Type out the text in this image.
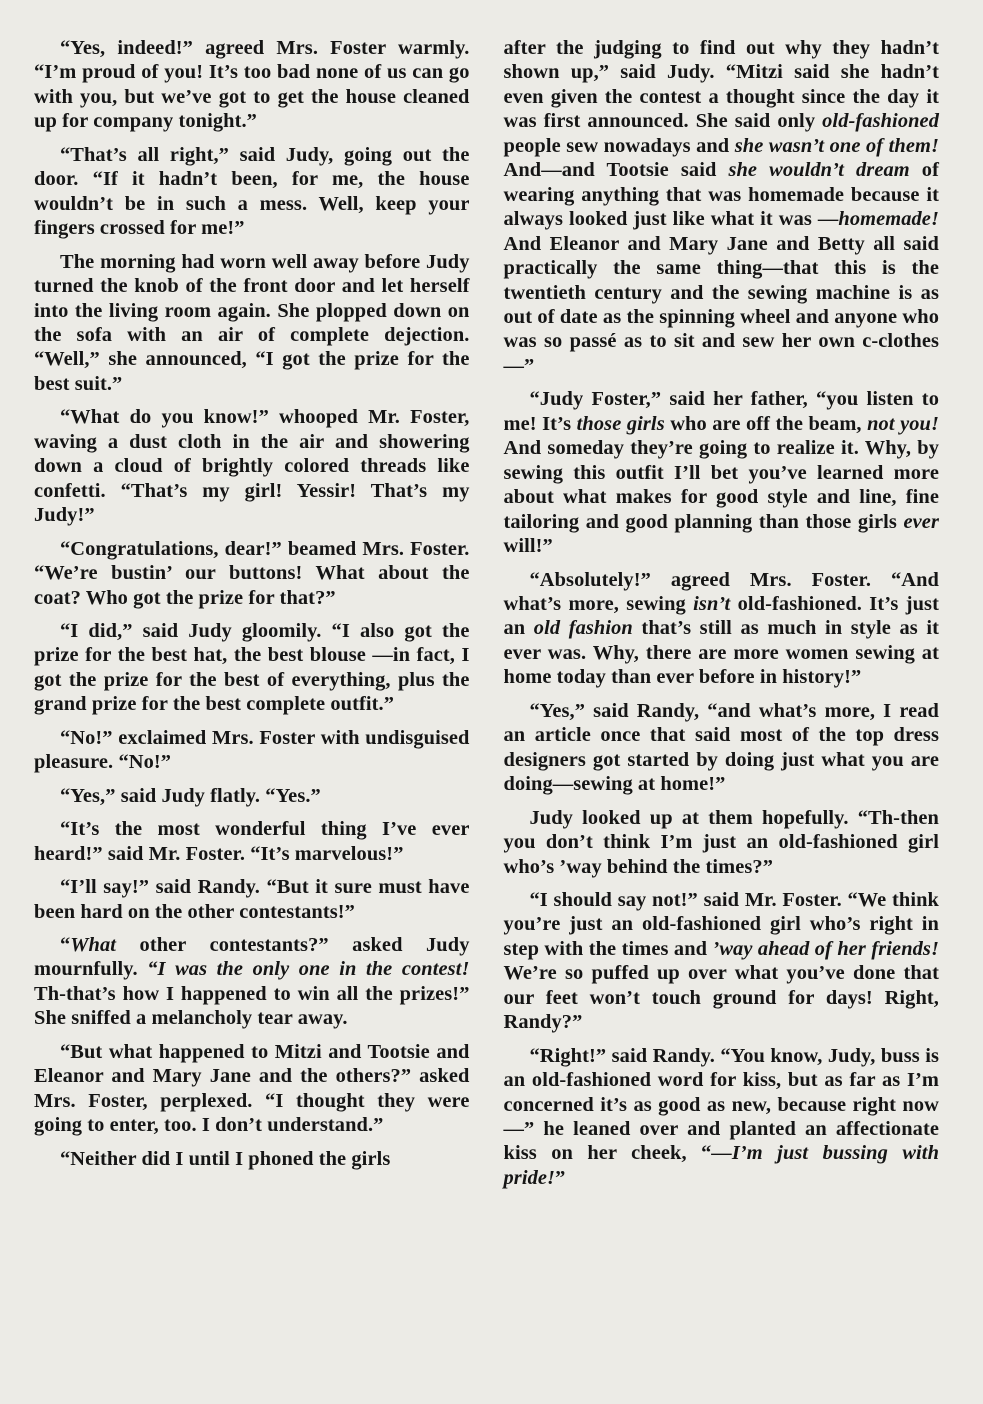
“Yes, indeed!” agreed Mrs. Foster warmly. “I’m proud of you! It’s too bad none of us can go with you, but we’ve got to get the house cleaned up for company tonight.”

“That’s all right,” said Judy, going out the door. “If it hadn’t been, for me, the house wouldn’t be in such a mess. Well, keep your fingers crossed for me!”

The morning had worn well away before Judy turned the knob of the front door and let herself into the living room again. She plopped down on the sofa with an air of complete dejection. “Well,” she announced, “I got the prize for the best suit.”

“What do you know!” whooped Mr. Foster, waving a dust cloth in the air and showering down a cloud of brightly colored threads like confetti. “That’s my girl! Yessir! That’s my Judy!”

“Congratulations, dear!” beamed Mrs. Foster. “We’re bustin’ our buttons! What about the coat? Who got the prize for that?”

“I did,” said Judy gloomily. “I also got the prize for the best hat, the best blouse —in fact, I got the prize for the best of everything, plus the grand prize for the best complete outfit.”

“No!” exclaimed Mrs. Foster with undisguised pleasure. “No!”

“Yes,” said Judy flatly. “Yes.”

“It’s the most wonderful thing I’ve ever heard!” said Mr. Foster. “It’s marvelous!”

“I’ll say!” said Randy. “But it sure must have been hard on the other contestants!”

“What other contestants?” asked Judy mournfully. “I was the only one in the contest! Th-that’s how I happened to win all the prizes!” She sniffed a melancholy tear away.

“But what happened to Mitzi and Tootsie and Eleanor and Mary Jane and the others?” asked Mrs. Foster, perplexed. “I thought they were going to enter, too. I don’t understand.”

“Neither did I until I phoned the girls

after the judging to find out why they hadn’t shown up,” said Judy. “Mitzi said she hadn’t even given the contest a thought since the day it was first announced. She said only old-fashioned people sew nowadays and she wasn’t one of them! And—and Tootsie said she wouldn’t dream of wearing anything that was homemade because it always looked just like what it was —homemade! And Eleanor and Mary Jane and Betty all said practically the same thing—that this is the twentieth century and the sewing machine is as out of date as the spinning wheel and anyone who was so passé as to sit and sew her own c-clothes—”

“Judy Foster,” said her father, “you listen to me! It’s those girls who are off the beam, not you! And someday they’re going to realize it. Why, by sewing this outfit I’ll bet you’ve learned more about what makes for good style and line, fine tailoring and good planning than those girls ever will!”

“Absolutely!” agreed Mrs. Foster. “And what’s more, sewing isn’t old-fashioned. It’s just an old fashion that’s still as much in style as it ever was. Why, there are more women sewing at home today than ever before in history!”

“Yes,” said Randy, “and what’s more, I read an article once that said most of the top dress designers got started by doing just what you are doing—sewing at home!”

Judy looked up at them hopefully. “Th-then you don’t think I’m just an old-fashioned girl who’s ’way behind the times?”

“I should say not!” said Mr. Foster. “We think you’re just an old-fashioned girl who’s right in step with the times and ’way ahead of her friends! We’re so puffed up over what you’ve done that our feet won’t touch ground for days! Right, Randy?”

“Right!” said Randy. “You know, Judy, buss is an old-fashioned word for kiss, but as far as I’m concerned it’s as good as new, because right now—” he leaned over and planted an affectionate kiss on her cheek, “—I’m just bussing with pride!”
